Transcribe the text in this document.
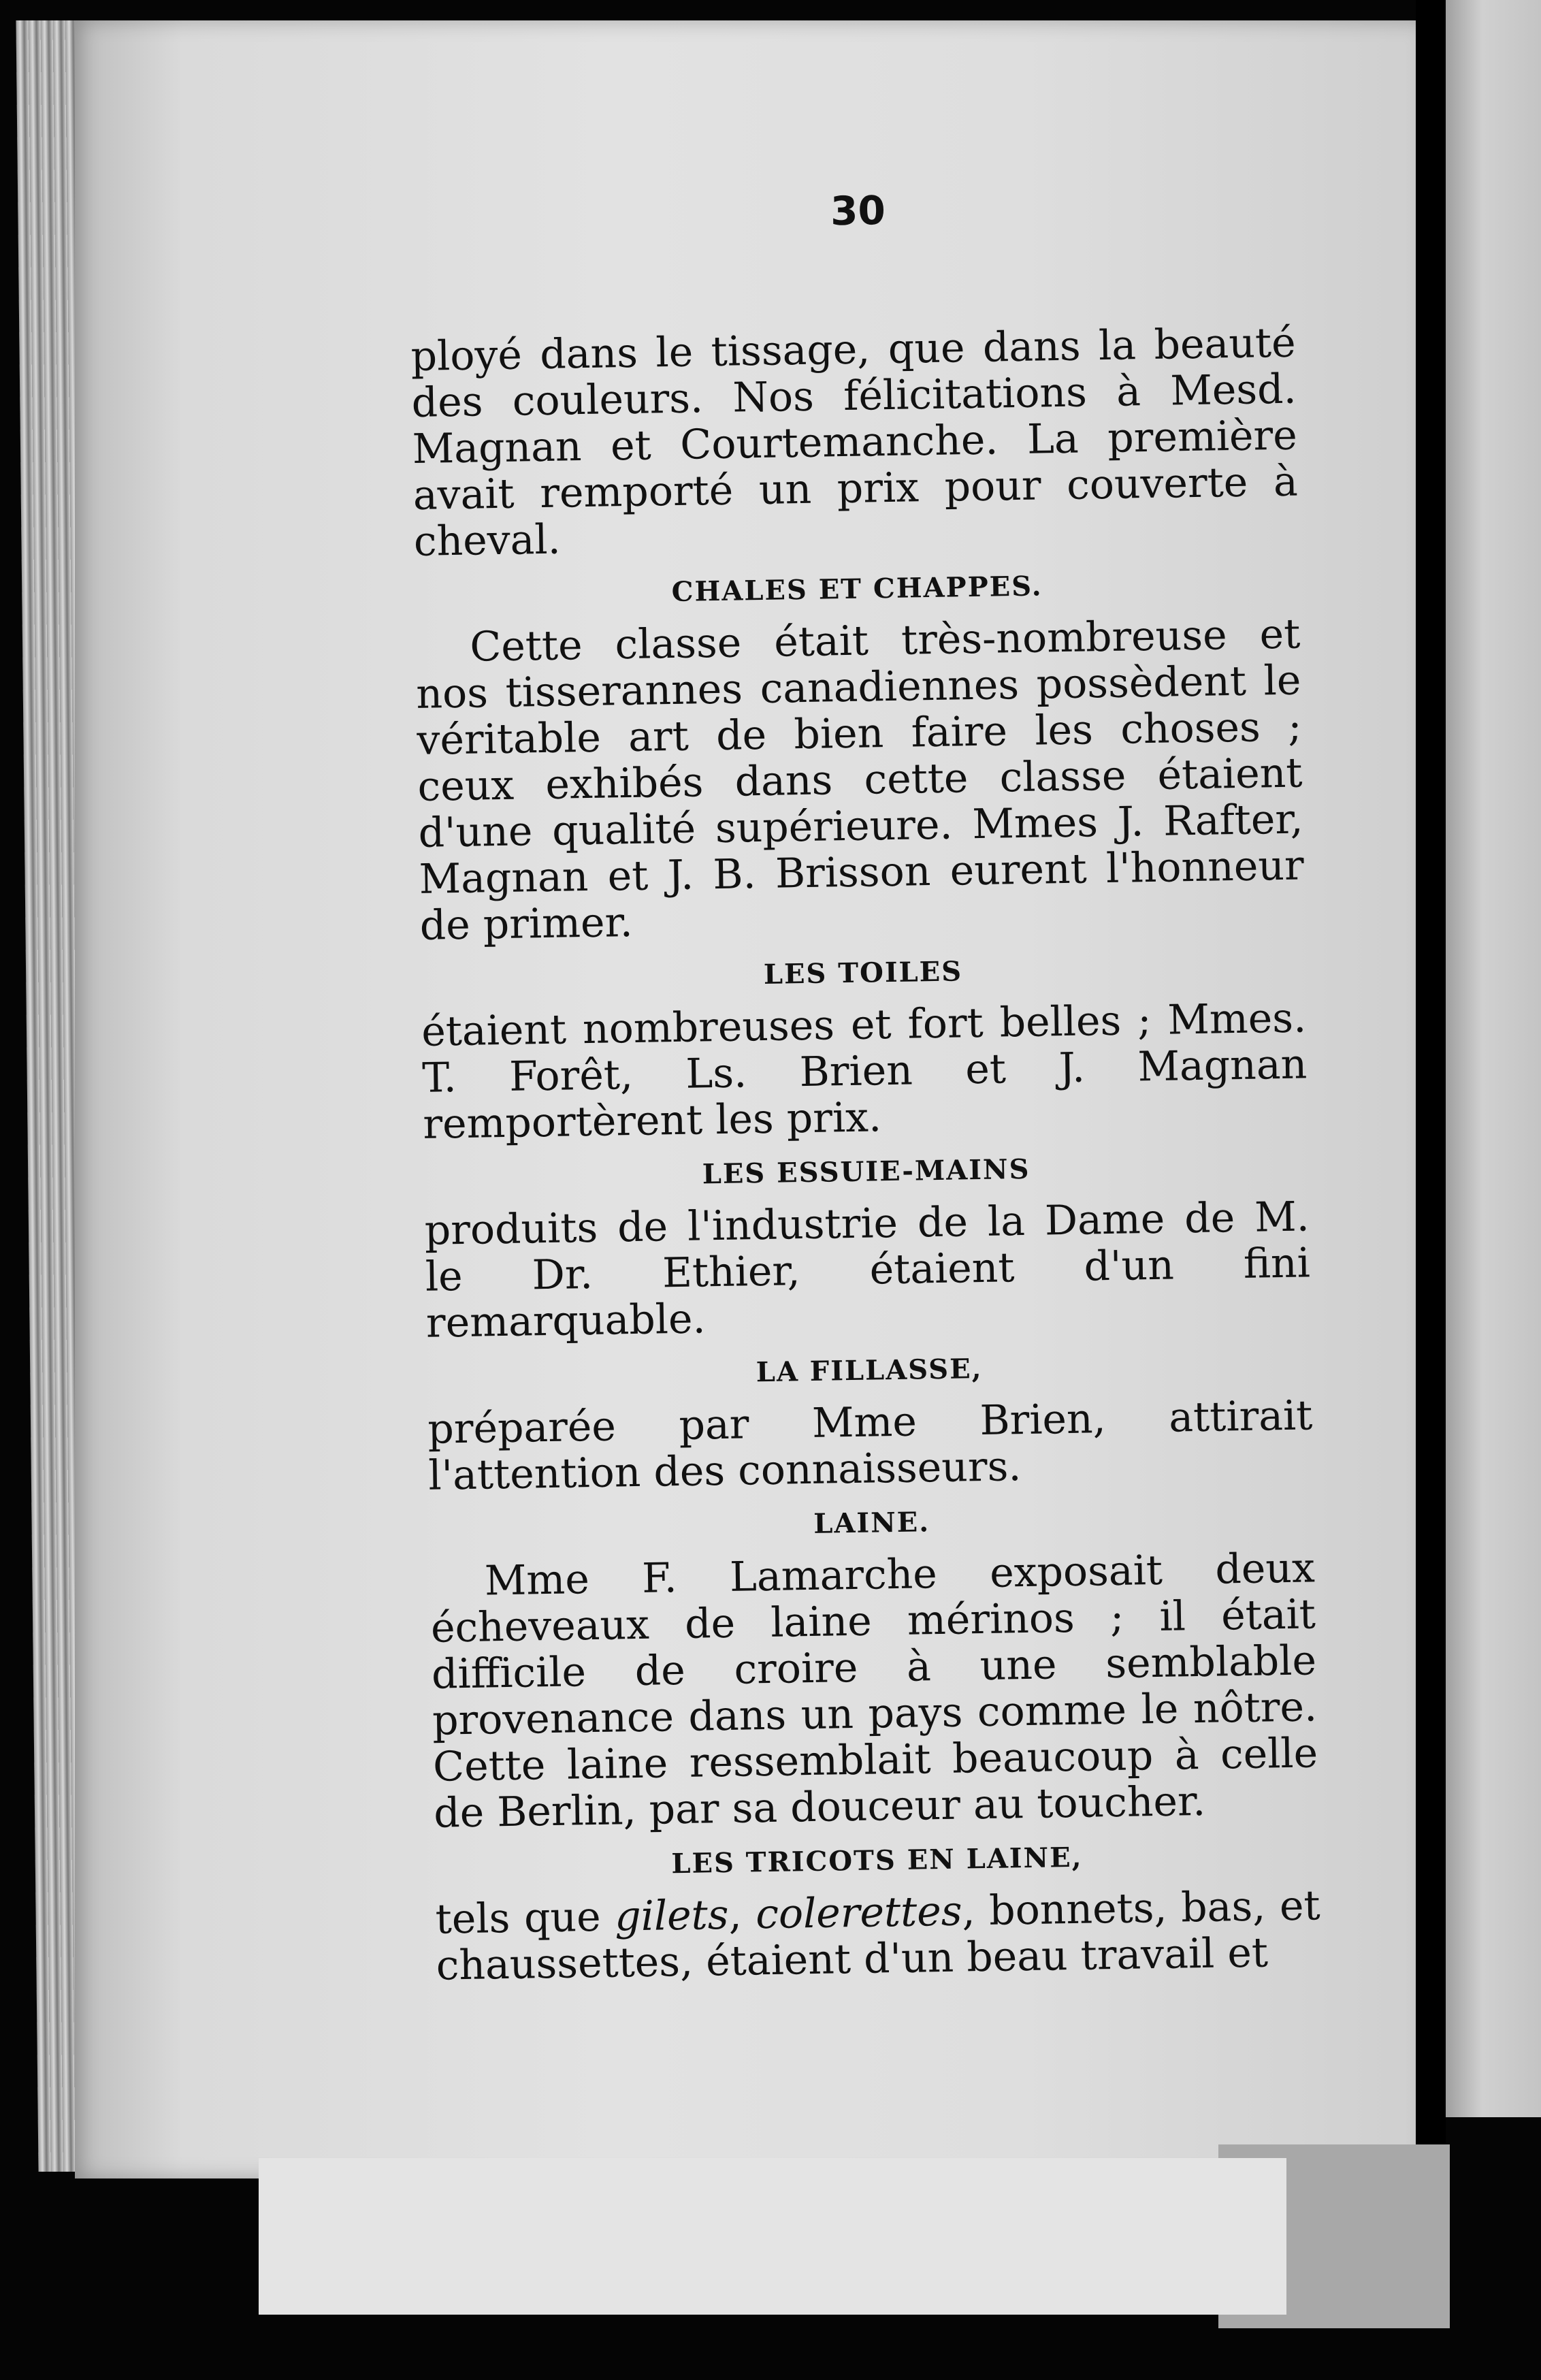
30

ployé dans le tissage, que dans la beauté des couleurs. Nos félicitations à Mesd. Magnan et Courtemanche. La première avait remporté un prix pour couverte à cheval.

CHALES ET CHAPPES.

Cette classe était très-nombreuse et nos tisserannes canadiennes possèdent le véritable art de bien faire les choses ; ceux exhibés dans cette classe étaient d'une qualité supérieure. Mmes J. Rafter, Magnan et J. B. Brisson eurent l'honneur de primer.

LES TOILES

étaient nombreuses et fort belles ; Mmes. T. Forêt, Ls. Brien et J. Magnan remportèrent les prix.

LES ESSUIE-MAINS

produits de l'industrie de la Dame de M. le Dr. Ethier, étaient d'un fini remarquable.

LA FILLASSE,

préparée par Mme Brien, attirait l'attention des connaisseurs.

LAINE.

Mme F. Lamarche exposait deux écheveaux de laine mérinos ; il était difficile de croire à une semblable provenance dans un pays comme le nôtre. Cette laine ressemblait beaucoup à celle de Berlin, par sa douceur au toucher.

LES TRICOTS EN LAINE,

tels que gilets, colerettes, bonnets, bas, et chaussettes, étaient d'un beau travail et
